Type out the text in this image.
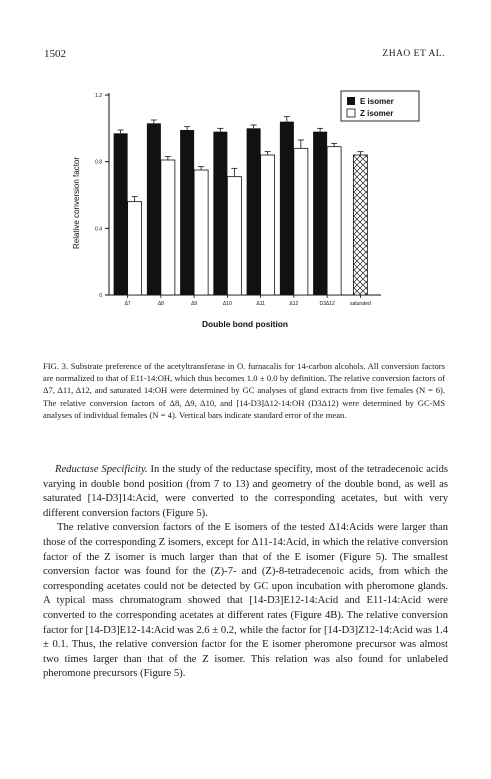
1502	ZHAO ET AL.
0
0.4
0.8
1.2
Relative conversion factor
Double bond position
Δ7	Δ8	Δ9	Δ10	Δ11	Δ12	D3Δ12	saturated
E isomer
Z isomer
FIG. 3. Substrate preference of the acetyltransferase in O. furnacalis for 14-carbon alcohols. All conversion factors are normalized to that of E11-14:OH, which thus becomes 1.0 ± 0.0 by definition. The relative conversion factors of Δ7, Δ11, Δ12, and saturated 14:OH were determined by GC analyses of gland extracts from five females (N = 6). The relative conversion factors of Δ8, Δ9, Δ10, and [14-D3]Δ12-14:OH (D3Δ12) were determined by GC-MS analyses of individual females (N = 4). Vertical bars indicate standard error of the mean.

Reductase Specificity. In the study of the reductase specifity, most of the tetradecenoic acids varying in double bond position (from 7 to 13) and geometry of the double bond, as well as saturated [14-D3]14:Acid, were converted to the corresponding acetates, but with very different conversion factors (Figure 5).

The relative conversion factors of the E isomers of the tested Δ14:Acids were larger than those of the corresponding Z isomers, except for Δ11-14:Acid, in which the relative conversion factor of the Z isomer is much larger than that of the E isomer (Figure 5). The smallest conversion factor was found for the (Z)-7- and (Z)-8-tetradecenoic acids, from which the corresponding acetates could not be detected by GC upon incubation with pheromone glands. A typical mass chromatogram showed that [14-D3]E12-14:Acid and E11-14:Acid were converted to the corresponding acetates at different rates (Figure 4B). The relative conversion factor for [14-D3]E12-14:Acid was 2.6 ± 0.2, while the factor for [14-D3]Z12-14:Acid was 1.4 ± 0.1. Thus, the relative conversion factor for the E isomer pheromone precursor was almost two times larger than that of the Z isomer. This relation was also found for unlabeled pheromone precursors (Figure 5).
